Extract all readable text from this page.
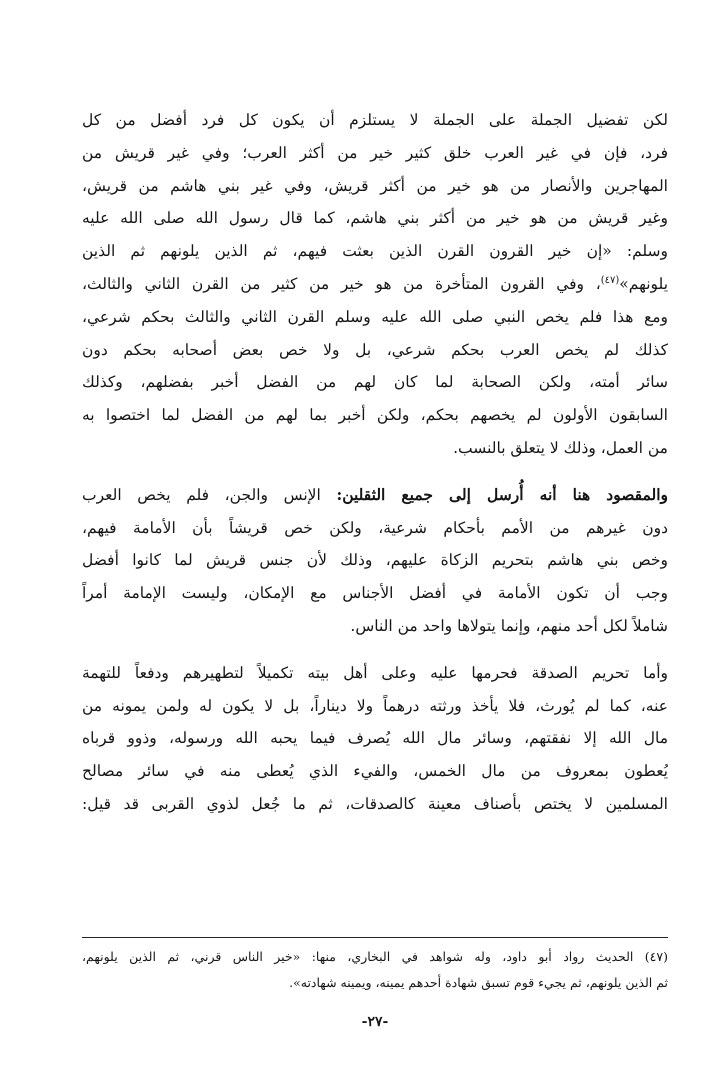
لكن تفضيل الجملة على الجملة لا يستلزم أن يكون كل فرد أفضل من كل
فرد، فإن في غير العرب خلق كثير خير من أكثر العرب؛ وفي غير قريش من
المهاجرين والأنصار من هو خير من أكثر قريش، وفي غير بني هاشم من قريش،
وغير قريش من هو خير من أكثر بني هاشم، كما قال رسول الله صلى الله عليه
وسلم: «إن خير القرون القرن الذين بعثت فيهم، ثم الذين يلونهم ثم الذين
يلونهم»$^{(٤٧)}$، وفي القرون المتأخرة من هو خير من كثير من القرن الثاني والثالث،
ومع هذا فلم يخص النبي صلى الله عليه وسلم القرن الثاني والثالث بحكم شرعي،
كذلك لم يخص العرب بحكم شرعي، بل ولا خص بعض أصحابه بحكم دون
سائر أمته، ولكن الصحابة لما كان لهم من الفضل أخبر بفضلهم، وكذلك
السابقون الأولون لم يخصهم بحكم، ولكن أخبر بما لهم من الفضل لما اختصوا به
من العمل، وذلك لا يتعلق بالنسب.

والمقصود هنا أنه أُرسل إلى جميع الثقلين: الإنس والجن، فلم يخص العرب
دون غيرهم من الأمم بأحكام شرعية، ولكن خص قريشاً بأن الأمامة فيهم،
وخص بني هاشم بتحريم الزكاة عليهم، وذلك لأن جنس قريش لما كانوا أفضل
وجب أن تكون الأمامة في أفضل الأجناس مع الإمكان، وليست الإمامة أمراً
شاملاً لكل أحد منهم، وإنما يتولاها واحد من الناس.

وأما تحريم الصدقة فحرمها عليه وعلى أهل بيته تكميلاً لتطهيرهم ودفعاً للتهمة
عنه، كما لم يُورث، فلا يأخذ ورثته درهماً ولا ديناراً، بل لا يكون له ولمن يمونه من
مال الله إلا نفقتهم، وسائر مال الله يُصرف فيما يحبه الله ورسوله، وذوو قرباه
يُعطون بمعروف من مال الخمس، والفيء الذي يُعطى منه في سائر مصالح
المسلمين لا يختص بأصناف معينة كالصدقات، ثم ما جُعل لذوي القربى قد قيل:

(٤٧) الحديث رواد أبو داود، وله شواهد في البخاري، منها: «خير الناس قرني، ثم الذين يلونهم،
ثم الذين يلونهم، ثم يجيء قوم تسبق شهادة أحدهم يمينه، ويمينه شهادته».
-٢٧-
